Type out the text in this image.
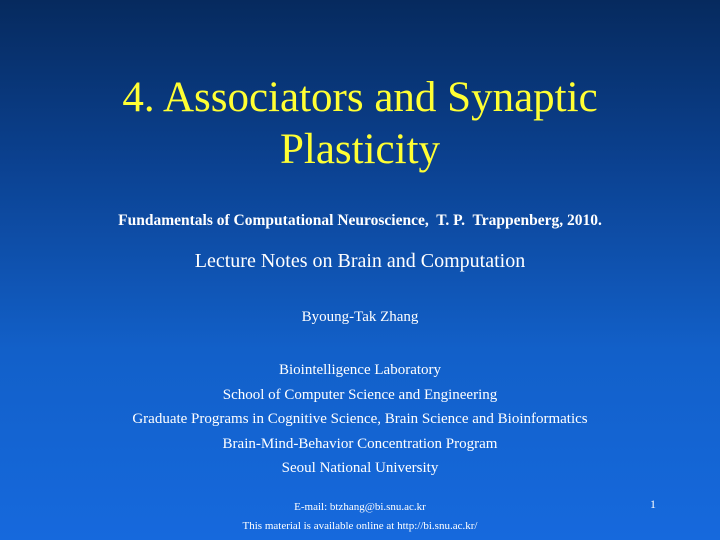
4. Associators and Synaptic
Plasticity
Fundamentals of Computational Neuroscience,  T. P.  Trappenberg, 2010.
Lecture Notes on Brain and Computation
Byoung-Tak Zhang
Biointelligence Laboratory
School of Computer Science and Engineering
Graduate Programs in Cognitive Science, Brain Science and Bioinformatics
Brain-Mind-Behavior Concentration Program
Seoul National University
E-mail: btzhang@bi.snu.ac.kr
This material is available online at http://bi.snu.ac.kr/
1
